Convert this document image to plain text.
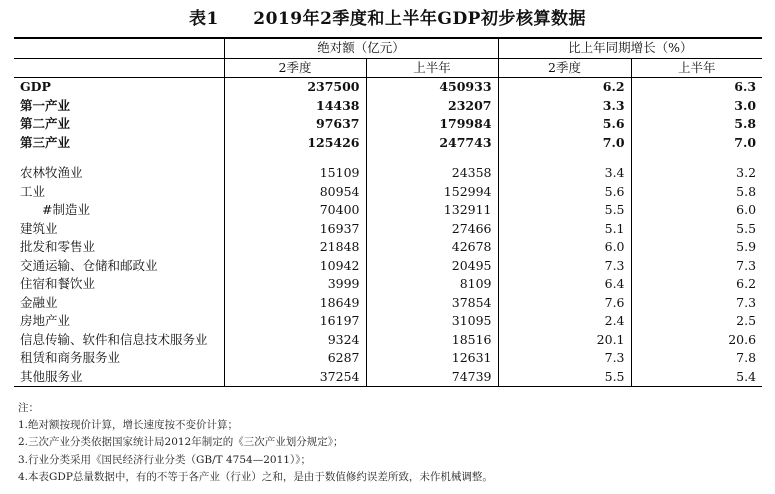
表1 2019年2季度和上半年GDP初步核算数据
	绝对额（亿元）		比上年同期增长（%）	
	2季度	上半年	2季度	上半年
GDP	237500	450933	6.2	6.3
第一产业	14438	23207	3.3	3.0
第二产业	97637	179984	5.6	5.8
第三产业	125426	247743	7.0	7.0

农林牧渔业	15109	24358	3.4	3.2
工业	80954	152994	5.6	5.8
#制造业	70400	132911	5.5	6.0
建筑业	16937	27466	5.1	5.5
批发和零售业	21848	42678	6.0	5.9
交通运输、仓储和邮政业	10942	20495	7.3	7.3
住宿和餐饮业	3999	8109	6.4	6.2
金融业	18649	37854	7.6	7.3
房地产业	16197	31095	2.4	2.5
信息传输、软件和信息技术服务业	9324	18516	20.1	20.6
租赁和商务服务业	6287	12631	7.3	7.8
其他服务业	37254	74739	5.5	5.4
注：
1.绝对额按现价计算，增长速度按不变价计算；
2.三次产业分类依据国家统计局2012年制定的《三次产业划分规定》；
3.行业分类采用《国民经济行业分类（GB/T 4754—2011）》；
4.本表GDP总量数据中，有的不等于各产业（行业）之和，是由于数值修约误差所致，未作机械调整。
